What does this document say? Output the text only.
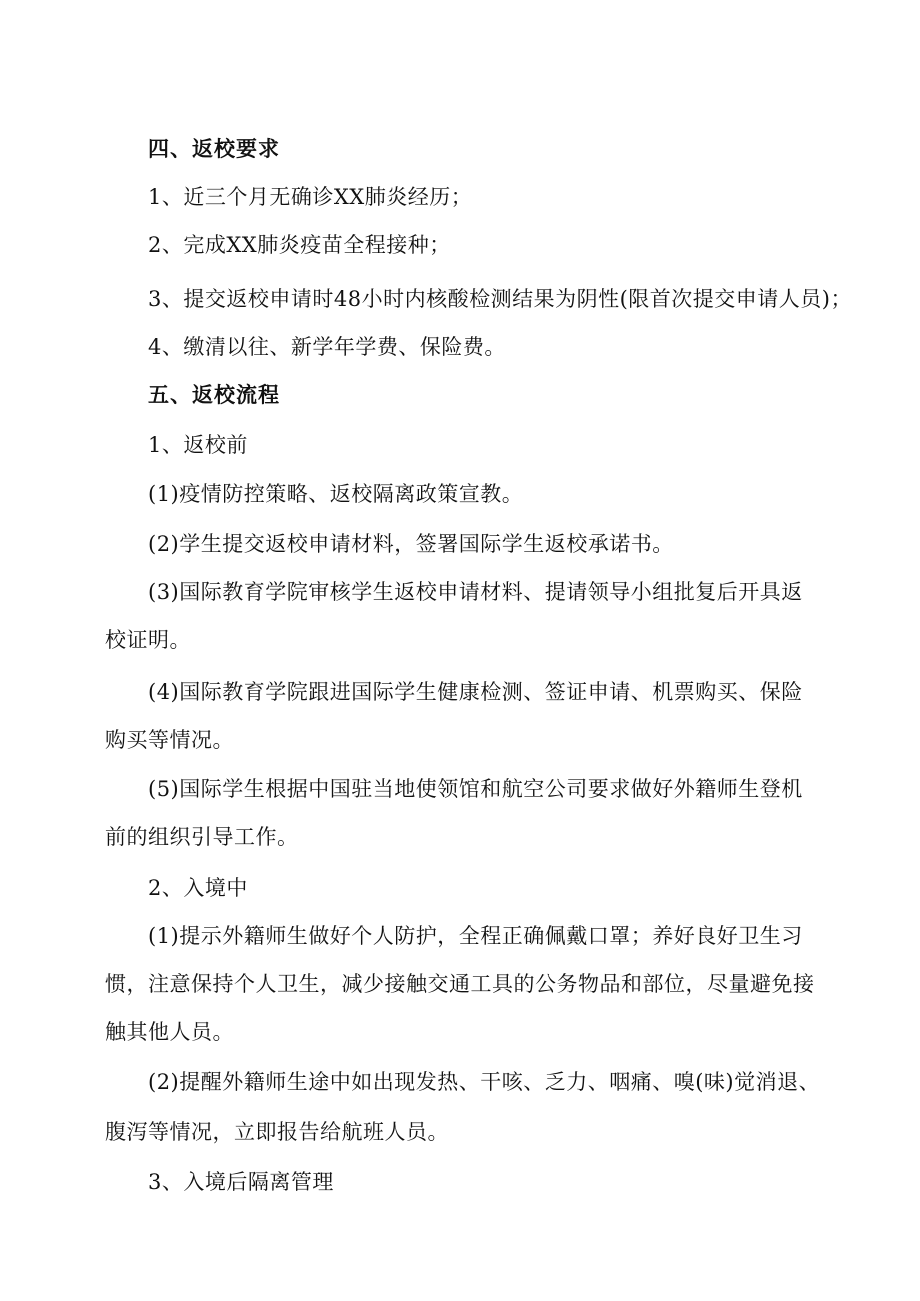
四、返校要求
1、近三个月无确诊XX肺炎经历；
2、完成XX肺炎疫苗全程接种；
3、提交返校申请时48小时内核酸检测结果为阴性(限首次提交申请人员)；
4、缴清以往、新学年学费、保险费。
五、返校流程
1、返校前
(1)疫情防控策略、返校隔离政策宣教。
(2)学生提交返校申请材料，签署国际学生返校承诺书。
(3)国际教育学院审核学生返校申请材料、提请领导小组批复后开具返
校证明。
(4)国际教育学院跟进国际学生健康检测、签证申请、机票购买、保险
购买等情况。
(5)国际学生根据中国驻当地使领馆和航空公司要求做好外籍师生登机
前的组织引导工作。
2、入境中
(1)提示外籍师生做好个人防护，全程正确佩戴口罩；养好良好卫生习
惯，注意保持个人卫生，减少接触交通工具的公务物品和部位，尽量避免接
触其他人员。
(2)提醒外籍师生途中如出现发热、干咳、乏力、咽痛、嗅(味)觉消退、
腹泻等情况，立即报告给航班人员。
3、入境后隔离管理
